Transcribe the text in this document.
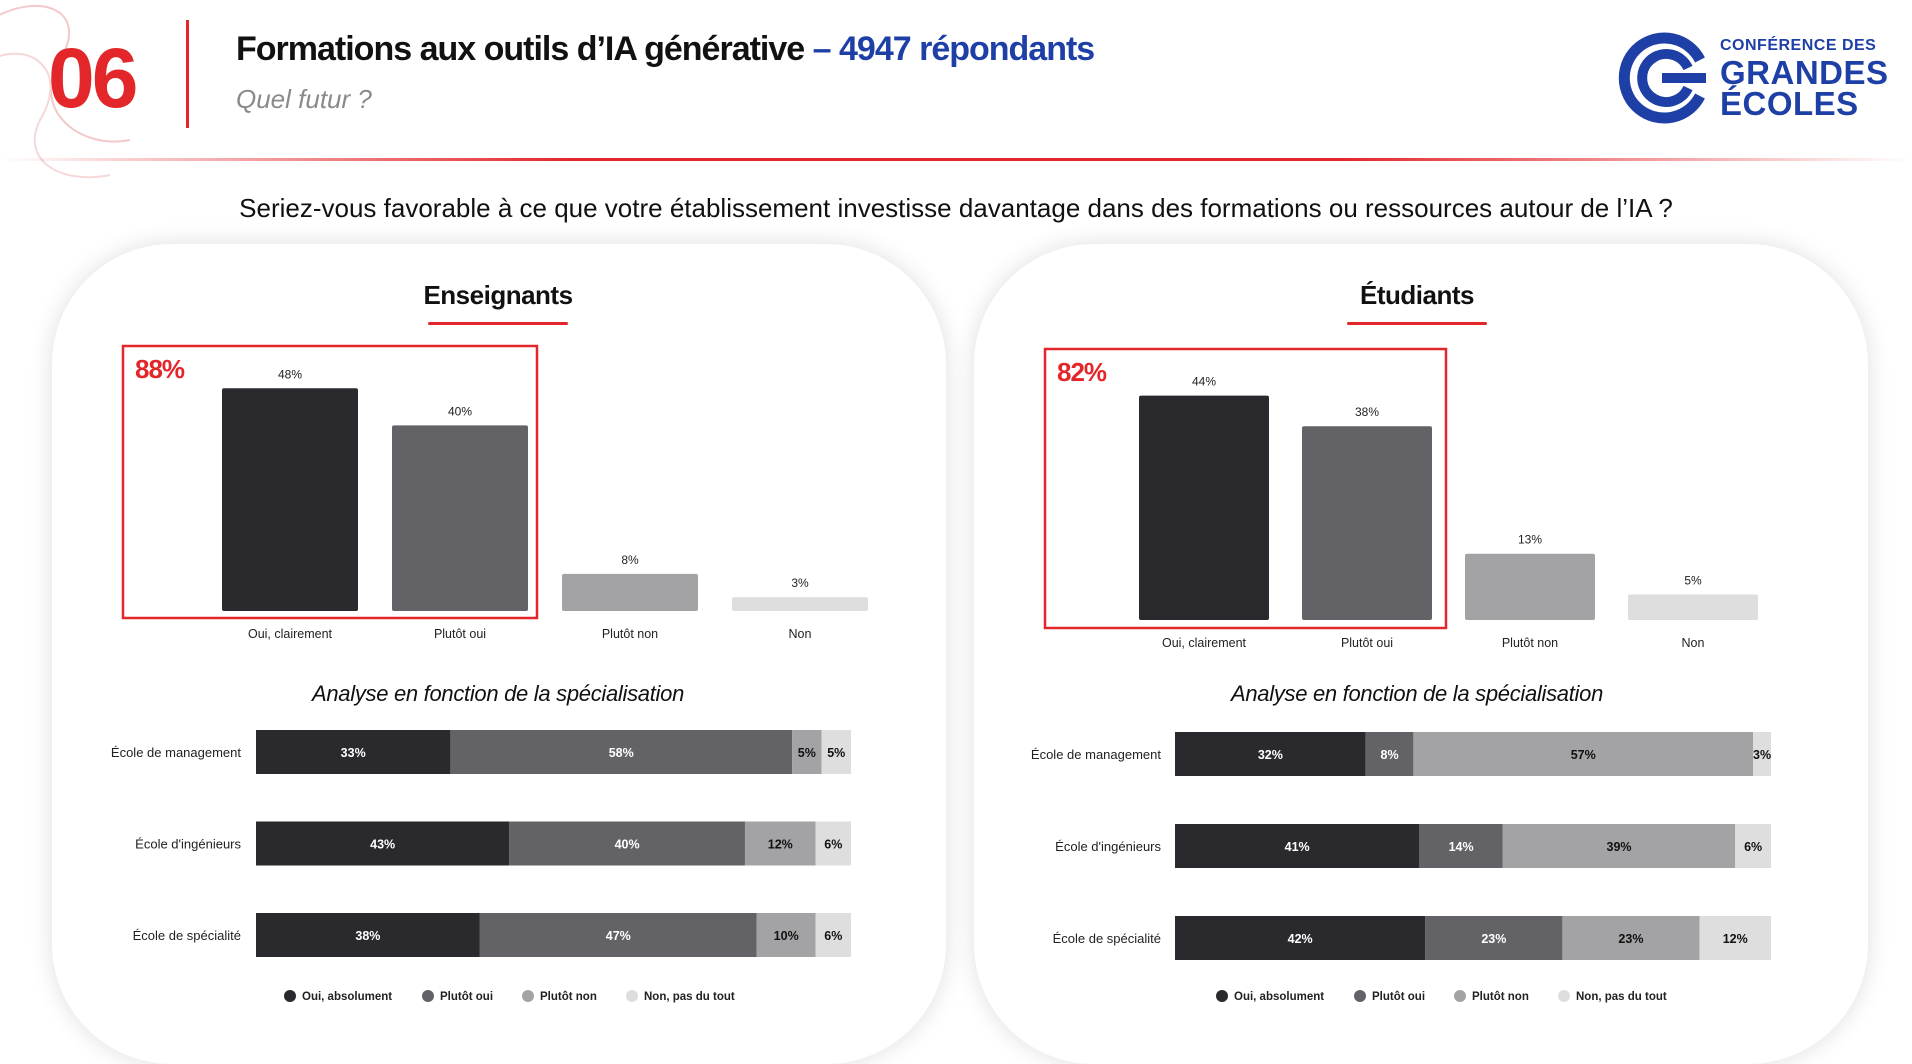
06	Formations aux outils d’IA générative – 4947 répondants
Quel futur ?
CONFÉRENCE DES
GRANDES
ÉCOLES
Seriez-vous favorable à ce que votre établissement investisse davantage dans des formations ou ressources autour de l’IA ?
Enseignants
88%	48%
Oui, clairement
40%
Plutôt oui
8%
Plutôt non
3%
Non
Analyse en fonction de la spécialisation
École de management	33%	58%	5% 5%
École d'ingénieurs	43%	40%	12%	6%
École de spécialité	38%	47%	10% 6%
Oui, absolument	Plutôt oui	Plutôt non	Non, pas du tout
Étudiants
82%	44%
Oui, clairement
38%
Plutôt oui
13%
Plutôt non
5%
Non
Analyse en fonction de la spécialisation
École de management	32%	8%	57%	3%
École d'ingénieurs	41%	14%	39%	6%
École de spécialité	42%	23%	23%	12%
Oui, absolument	Plutôt oui	Plutôt non	Non, pas du tout
